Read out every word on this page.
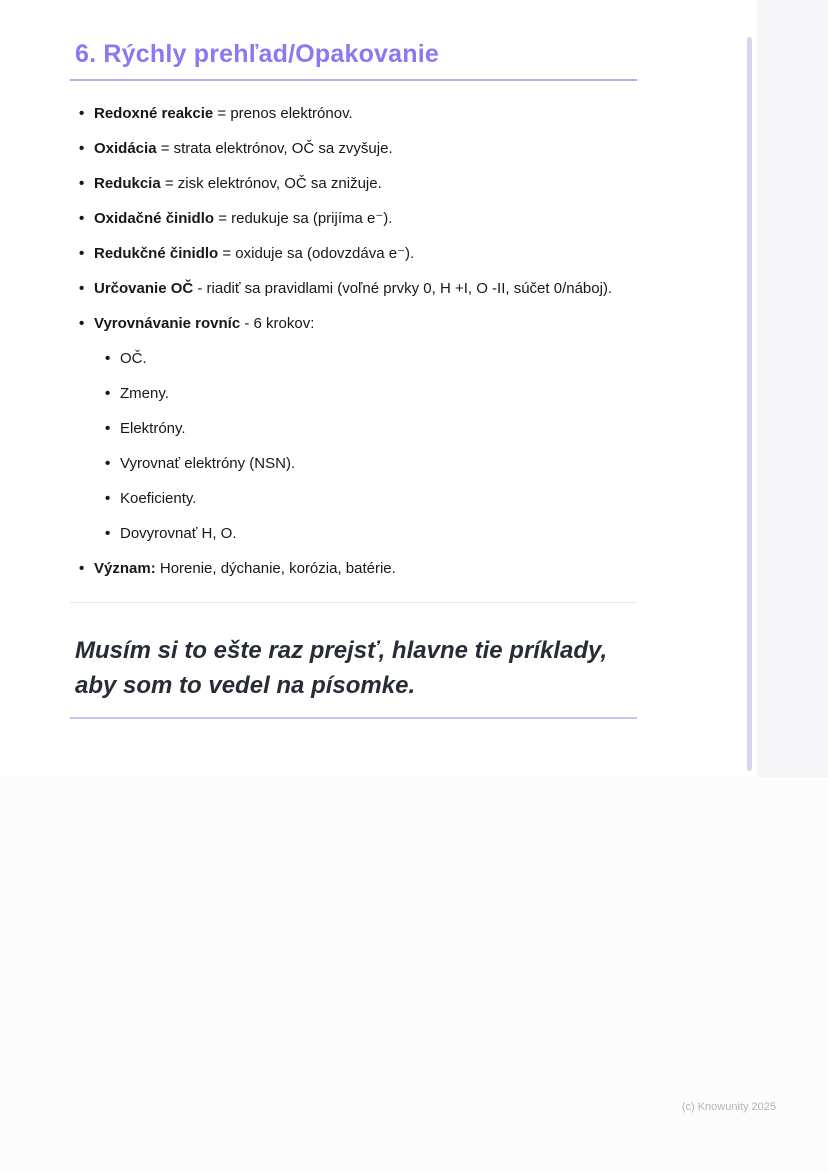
6. Rýchly prehľad/Opakovanie
• Redoxné reakcie = prenos elektrónov.
• Oxidácia = strata elektrónov, OČ sa zvyšuje.
• Redukcia = zisk elektrónov, OČ sa znižuje.
• Oxidačné činidlo = redukuje sa (prijíma e⁻).
• Redukčné činidlo = oxiduje sa (odovzdáva e⁻).
• Určovanie OČ - riadiť sa pravidlami (voľné prvky 0, H +I, O -II, súčet 0/náboj).
• Vyrovnávanie rovníc - 6 krokov:
• OČ.
• Zmeny.
• Elektróny.
• Vyrovnať elektróny (NSN).
• Koeficienty.
• Dovyrovnať H, O.
• Význam: Horenie, dýchanie, korózia, batérie.
Musím si to ešte raz prejsť, hlavne tie príklady, aby som to vedel na písomke.
(c) Knowunity 2025
